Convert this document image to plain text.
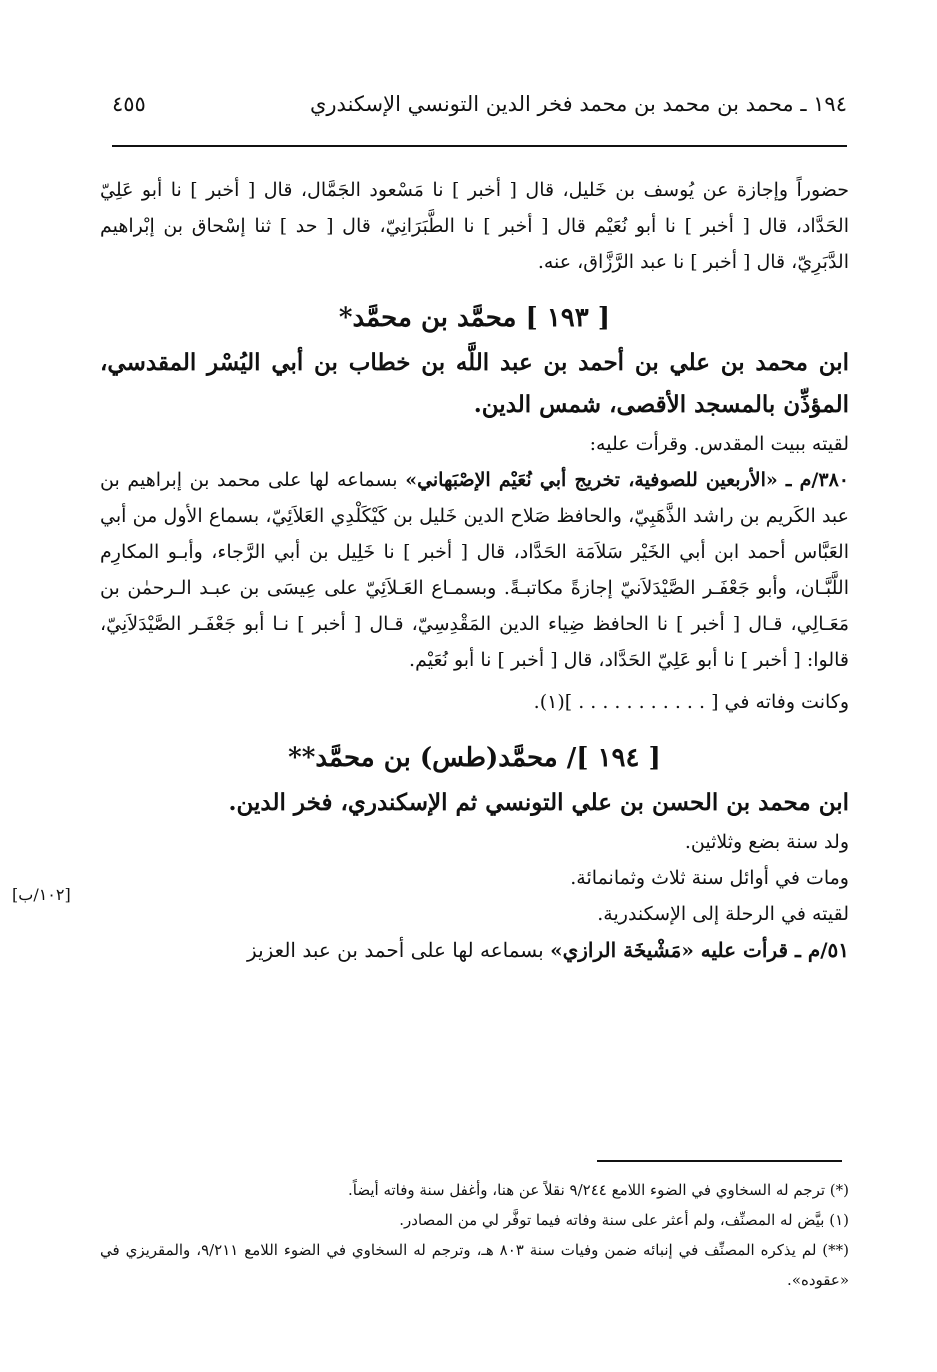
١٩٤ ـ محمد بن محمد بن محمد فخر الدين التونسي الإسكندري
٤٥٥
[١٠٢/ب]

حضوراً وإجازة عن يُوسف بن خَليل، قال [ أخبر ] نا مَسْعود الجَمَّال، قال [ أخبر ] نا أبو عَلِيّ الحَدَّاد، قال [ أخبر ] نا أبو نُعَيْم قال [ أخبر ] نا الطَّبَرَانِيّ، قال [ حد ] ثنا إسْحاق بن إبْراهيم الدَّبَرِيّ، قال [ أخبر ] نا عبد الرَّزَّاق، عنه.

[ ١٩٣ ] محمَّد بن محمَّد*

ابن محمد بن علي بن أحمد بن عبد اللَّه بن خطاب بن أبي اليُسْر المقدسي، المؤذِّن بالمسجد الأقصى، شمس الدين.

لقيته ببيت المقدس. وقرأت عليه:

٣٨٠/م ـ «الأربعين للصوفية، تخريج أبي نُعَيْم الإصْبَهاني» بسماعه لها على محمد بن إبراهيم بن عبد الكَريم بن راشد الذَّهَبِيّ، والحافظ صَلاح الدين خَليل بن كَيْكَلْدِي العَلاَئِيّ، بسماع الأول من أبي العَبَّاس أحمد ابن أبي الخَيْر سَلاَمَة الحَدَّاد، قال [ أخبر ] نا خَلِيل بن أبي الرَّجاء، وأبـو المكارِم اللَّبَّـان، وأبو جَعْفَـر الصَّيْدَلاَنيّ إجازةً مكاتبـةً. وبسمـاع العَـلاَئِيّ على عِيسَى بن عبـد الـرحمٰن بن مَعَـالِي، قـال [ أخبر ] نا الحافظ ضِياء الدين المَقْدِسِيّ، قـال [ أخبر ] نـا أبو جَعْفَـر الصَّيْدَلاَنِيّ، قالوا: [ أخبر ] نا أبو عَلِيّ الحَدَّاد، قال [ أخبر ] نا أبو نُعَيْم.

وكانت وفاته في [ . . . . . . . . . . . ](١).

[ ١٩٤ ]/ محمَّد(طس) بن محمَّد**

ابن محمد بن الحسن بن علي التونسي ثم الإسكندري، فخر الدين.

ولد سنة بضع وثلاثين.

ومات في أوائل سنة ثلاث وثمانمائة.

لقيته في الرحلة إلى الإسكندرية.

٥١/م ـ قرأت عليه «مَشْيخَة الرازي» بسماعه لها على أحمد بن عبد العزيز

(*) ترجم له السخاوي في الضوء اللامع ٩/٢٤٤ نقلاً عن هنا، وأغفل سنة وفاته أيضاً.

(١) بيَّض له المصنِّف، ولم أعثر على سنة وفاته فيما توفَّر لي من المصادر.

(**) لم يذكره المصنِّف في إنبائه ضمن وفيات سنة ٨٠٣ هـ، وترجم له السخاوي في الضوء اللامع ٩/٢١١، والمقريزي في «عقوده».
